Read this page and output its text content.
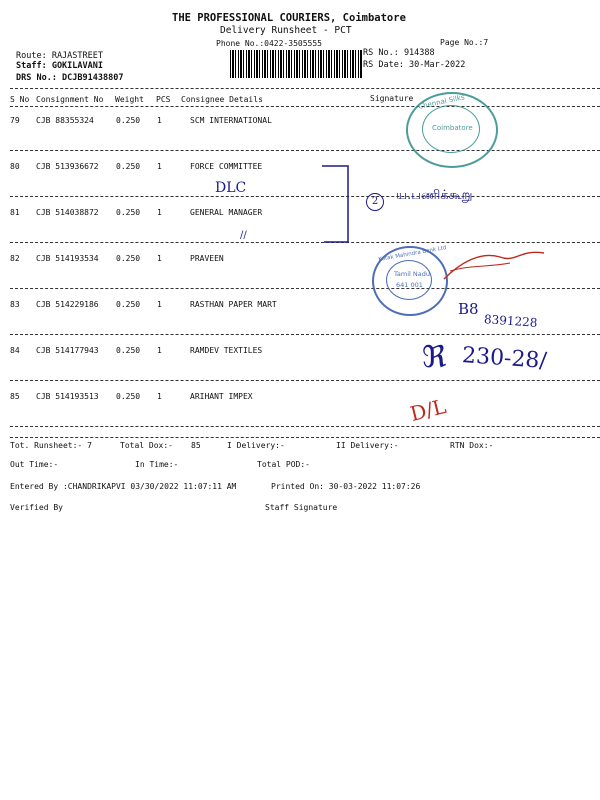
THE PROFESSIONAL COURIERS, Coimbatore
Delivery Runsheet - PCT
Phone No.:0422-3505555	Page No.:7
Route: RAJASTREET
Staff: GOKILAVANI
DRS No.: DCJB91438807
RS No.: 914388
RS Date: 30-Mar-2022
S No Consignment No Weight PCS Consignee Details	Signature
79 CJB 88355324	0.250 1	SCM INTERNATIONAL
80 CJB 513936672 0.250 1	FORCE COMMITTEE
81 CJB 514038872 0.250 1	GENERAL MANAGER
82 CJB 514193534 0.250 1	PRAVEEN
83 CJB 514229186 0.250 1	RASTHAN PAPER MART
84 CJB 514177943 0.250 1	RAMDEV TEXTILES
85 CJB 514193513 0.250 1	ARIHANT IMPEX
Tot. Runsheet:- 7	Total Dox:- 85	I Delivery:-	II Delivery:-	RTN Dox:-
Out Time:-	In Time:-	Total POD:-
Entered By :CHANDRIKAPVI 03/30/2022 11:07:11 AM	Printed On: 30-03-2022 11:07:26
Verified By	Staff Signature
Chennai Silks
Coimbatore
Kotak Mahindra Bank Ltd
Tamil Nadu
641 001
DLC
//
2	ய.பணிக்கூறு
B8
8391228
ℜ 230-28/
D/L
